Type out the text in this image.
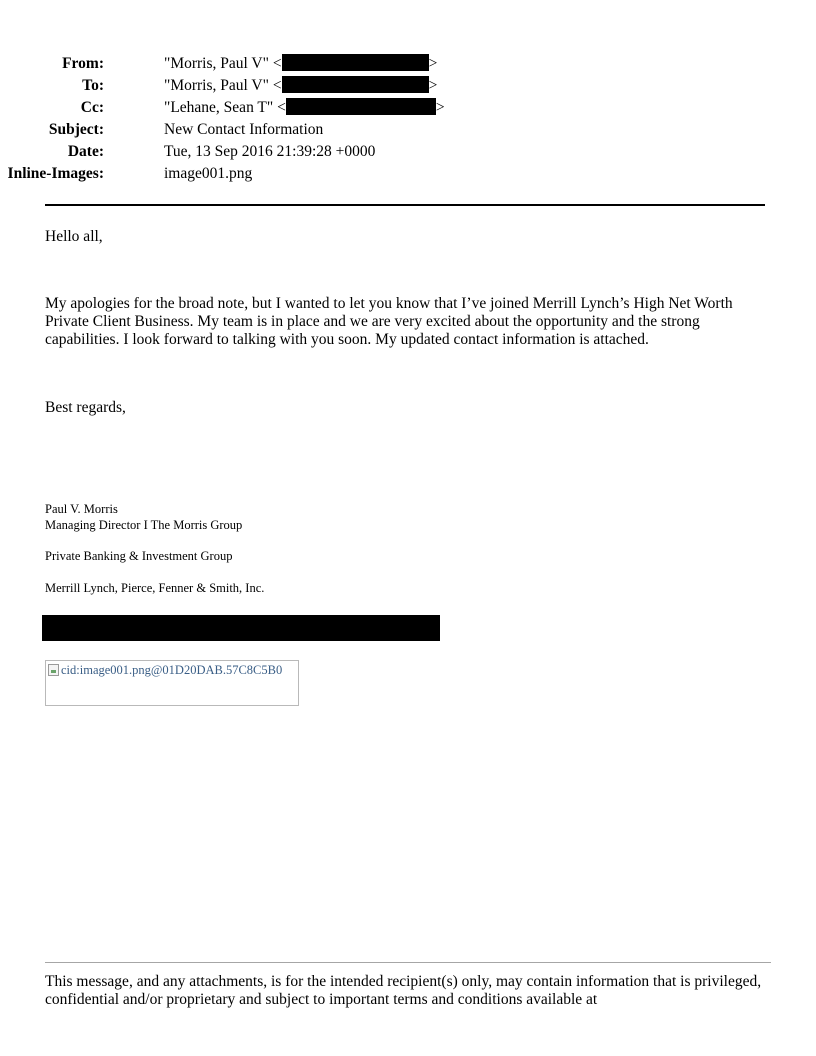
From:	"Morris, Paul V" <	>
To:	"Morris, Paul V" <	>
Cc:	"Lehane, Sean T" <	>
Subject:	New Contact Information
Date:	Tue, 13 Sep 2016 21:39:28 +0000
Inline-Images:	image001.png
Hello all,
My apologies for the broad note, but I wanted to let you know that I’ve joined Merrill Lynch’s High Net Worth Private Client Business. My team is in place and we are very excited about the opportunity and the strong capabilities. I look forward to talking with you soon. My updated contact information is attached.
Best regards,
Paul V. Morris
Managing Director I The Morris Group
Private Banking & Investment Group
Merrill Lynch, Pierce, Fenner & Smith, Inc.
cid:image001.png@01D20DAB.57C8C5B0
This message, and any attachments, is for the intended recipient(s) only, may contain information that is privileged, confidential and/or proprietary and subject to important terms and conditions available at
